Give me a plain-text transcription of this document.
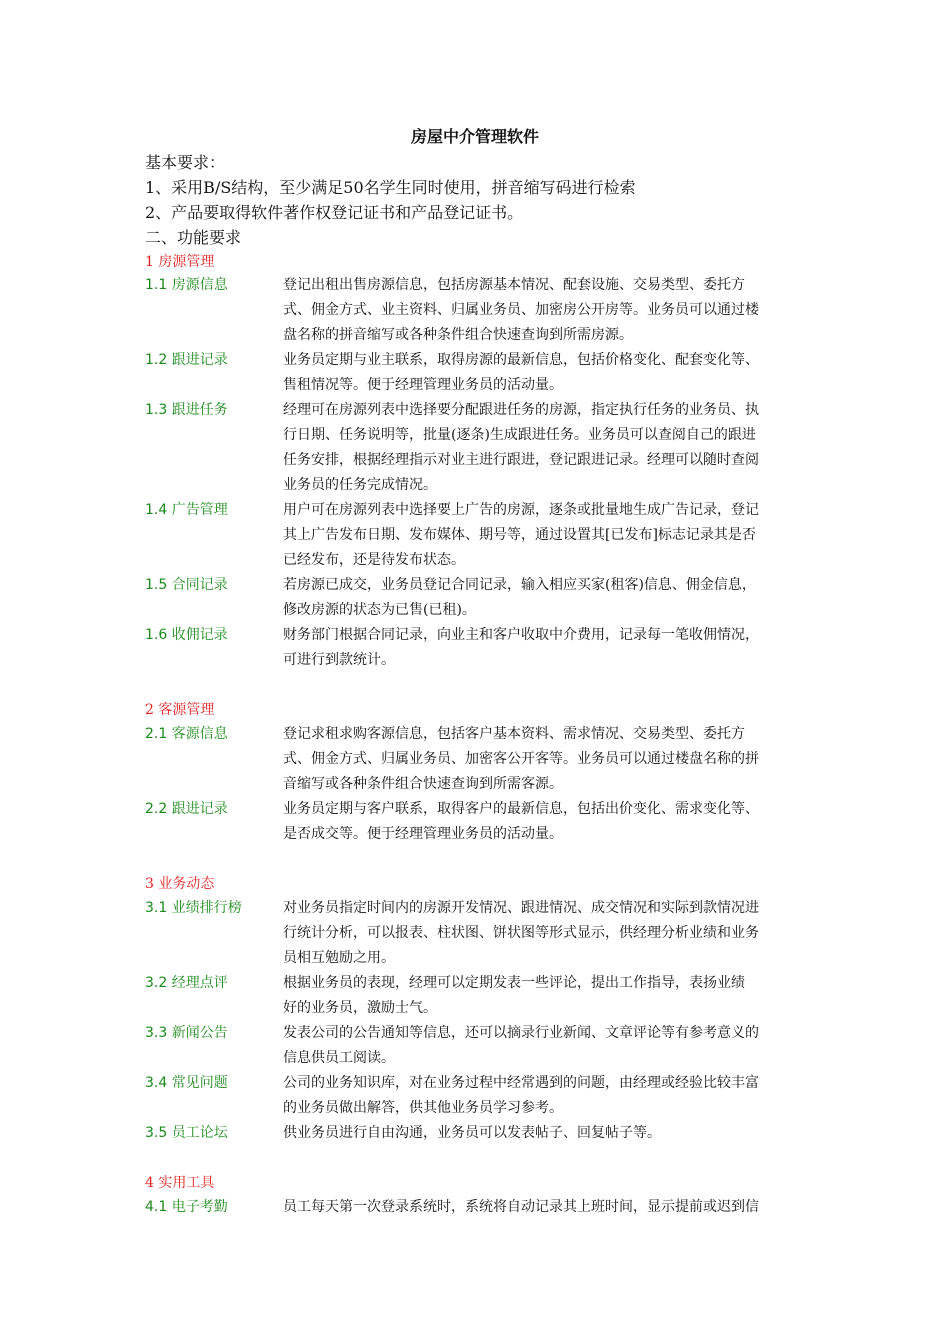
房屋中介管理软件
基本要求：
1、采用B/S结构，至少满足50名学生同时使用，拼音缩写码进行检索
2、产品要取得软件著作权登记证书和产品登记证书。
二、功能要求
1 房源管理
1.1 房源信息	登记出租出售房源信息，包括房源基本情况、配套设施、交易类型、委托方
式、佣金方式、业主资料、归属业务员、加密房公开房等。业务员可以通过楼
盘名称的拼音缩写或各种条件组合快速查询到所需房源。
1.2 跟进记录	业务员定期与业主联系，取得房源的最新信息，包括价格变化、配套变化等、
售租情况等。便于经理管理业务员的活动量。
1.3 跟进任务	经理可在房源列表中选择要分配跟进任务的房源，指定执行任务的业务员、执
行日期、任务说明等，批量(逐条)生成跟进任务。业务员可以查阅自己的跟进
任务安排，根据经理指示对业主进行跟进，登记跟进记录。经理可以随时查阅
业务员的任务完成情况。
1.4 广告管理	用户可在房源列表中选择要上广告的房源，逐条或批量地生成广告记录，登记
其上广告发布日期、发布媒体、期号等，通过设置其[已发布]标志记录其是否
已经发布，还是待发布状态。
1.5 合同记录	若房源已成交，业务员登记合同记录，输入相应买家(租客)信息、佣金信息，
修改房源的状态为已售(已租)。
1.6 收佣记录	财务部门根据合同记录，向业主和客户收取中介费用，记录每一笔收佣情况，
可进行到款统计。
2 客源管理
2.1 客源信息	登记求租求购客源信息，包括客户基本资料、需求情况、交易类型、委托方
式、佣金方式、归属业务员、加密客公开客等。业务员可以通过楼盘名称的拼
音缩写或各种条件组合快速查询到所需客源。
2.2 跟进记录	业务员定期与客户联系，取得客户的最新信息，包括出价变化、需求变化等、
是否成交等。便于经理管理业务员的活动量。
3 业务动态
3.1 业绩排行榜	对业务员指定时间内的房源开发情况、跟进情况、成交情况和实际到款情况进
行统计分析，可以报表、柱状图、饼状图等形式显示，供经理分析业绩和业务
员相互勉励之用。
3.2 经理点评	根据业务员的表现，经理可以定期发表一些评论，提出工作指导，表扬业绩
好的业务员，激励士气。
3.3 新闻公告	发表公司的公告通知等信息，还可以摘录行业新闻、文章评论等有参考意义的
信息供员工阅读。
3.4 常见问题	公司的业务知识库，对在业务过程中经常遇到的问题，由经理或经验比较丰富
的业务员做出解答，供其他业务员学习参考。
3.5 员工论坛	供业务员进行自由沟通，业务员可以发表帖子、回复帖子等。
4 实用工具
4.1 电子考勤	员工每天第一次登录系统时，系统将自动记录其上班时间，显示提前或迟到信
